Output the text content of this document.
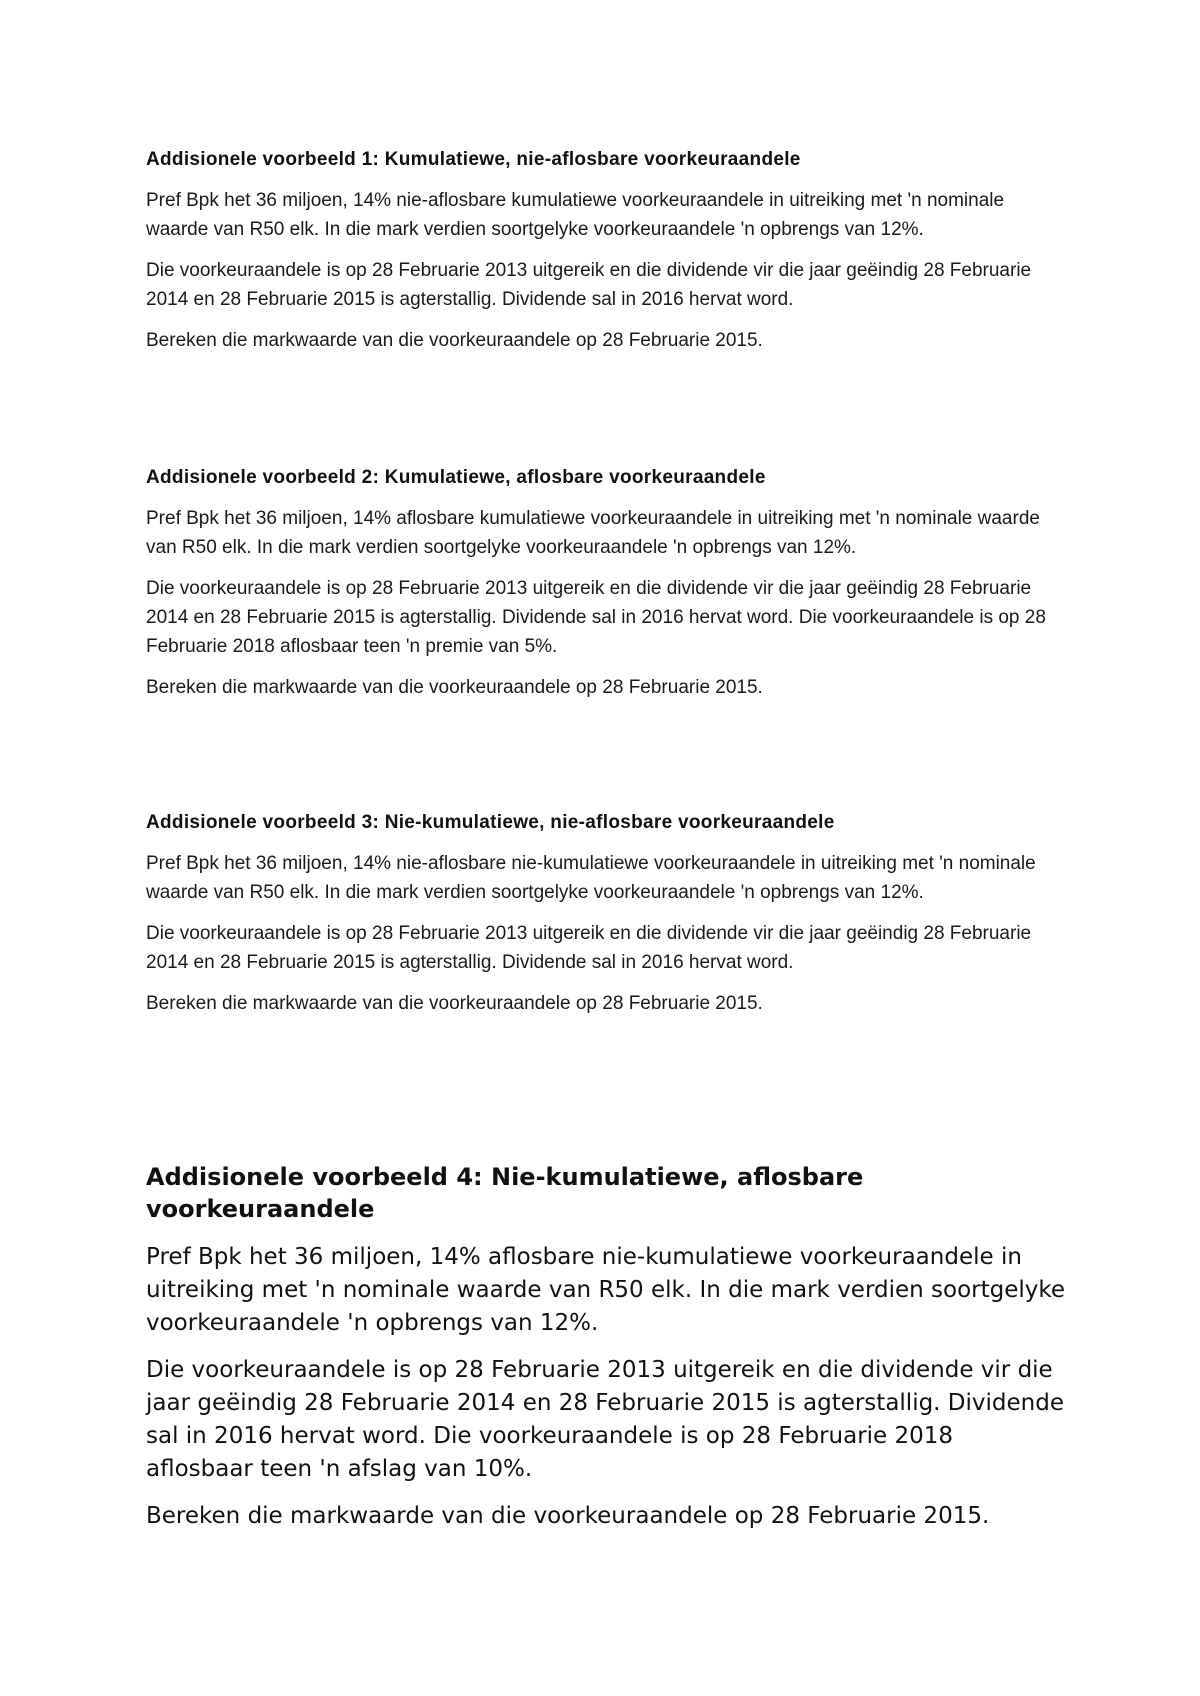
Addisionele voorbeeld 1: Kumulatiewe, nie-aflosbare voorkeuraandele

Pref Bpk het 36 miljoen, 14% nie-aflosbare kumulatiewe voorkeuraandele in uitreiking met 'n nominale waarde van R50 elk. In die mark verdien soortgelyke voorkeuraandele 'n opbrengs van 12%.

Die voorkeuraandele is op 28 Februarie 2013 uitgereik en die dividende vir die jaar geëindig 28 Februarie 2014 en 28 Februarie 2015 is agterstallig. Dividende sal in 2016 hervat word.

Bereken die markwaarde van die voorkeuraandele op 28 Februarie 2015.

Addisionele voorbeeld 2: Kumulatiewe, aflosbare voorkeuraandele

Pref Bpk het 36 miljoen, 14% aflosbare kumulatiewe voorkeuraandele in uitreiking met 'n nominale waarde van R50 elk. In die mark verdien soortgelyke voorkeuraandele 'n opbrengs van 12%.

Die voorkeuraandele is op 28 Februarie 2013 uitgereik en die dividende vir die jaar geëindig 28 Februarie 2014 en 28 Februarie 2015 is agterstallig. Dividende sal in 2016 hervat word. Die voorkeuraandele is op 28 Februarie 2018 aflosbaar teen 'n premie van 5%.

Bereken die markwaarde van die voorkeuraandele op 28 Februarie 2015.

Addisionele voorbeeld 3: Nie-kumulatiewe, nie-aflosbare voorkeuraandele

Pref Bpk het 36 miljoen, 14% nie-aflosbare nie-kumulatiewe voorkeuraandele in uitreiking met 'n nominale waarde van R50 elk. In die mark verdien soortgelyke voorkeuraandele 'n opbrengs van 12%.

Die voorkeuraandele is op 28 Februarie 2013 uitgereik en die dividende vir die jaar geëindig 28 Februarie 2014 en 28 Februarie 2015 is agterstallig. Dividende sal in 2016 hervat word.

Bereken die markwaarde van die voorkeuraandele op 28 Februarie 2015.

Addisionele voorbeeld 4: Nie-kumulatiewe, aflosbare voorkeuraandele

Pref Bpk het 36 miljoen, 14% aflosbare nie-kumulatiewe voorkeuraandele in uitreiking met 'n nominale waarde van R50 elk. In die mark verdien soortgelyke voorkeuraandele 'n opbrengs van 12%.

Die voorkeuraandele is op 28 Februarie 2013 uitgereik en die dividende vir die jaar geëindig 28 Februarie 2014 en 28 Februarie 2015 is agterstallig. Dividende sal in 2016 hervat word. Die voorkeuraandele is op 28 Februarie 2018 aflosbaar teen 'n afslag van 10%.

Bereken die markwaarde van die voorkeuraandele op 28 Februarie 2015.
